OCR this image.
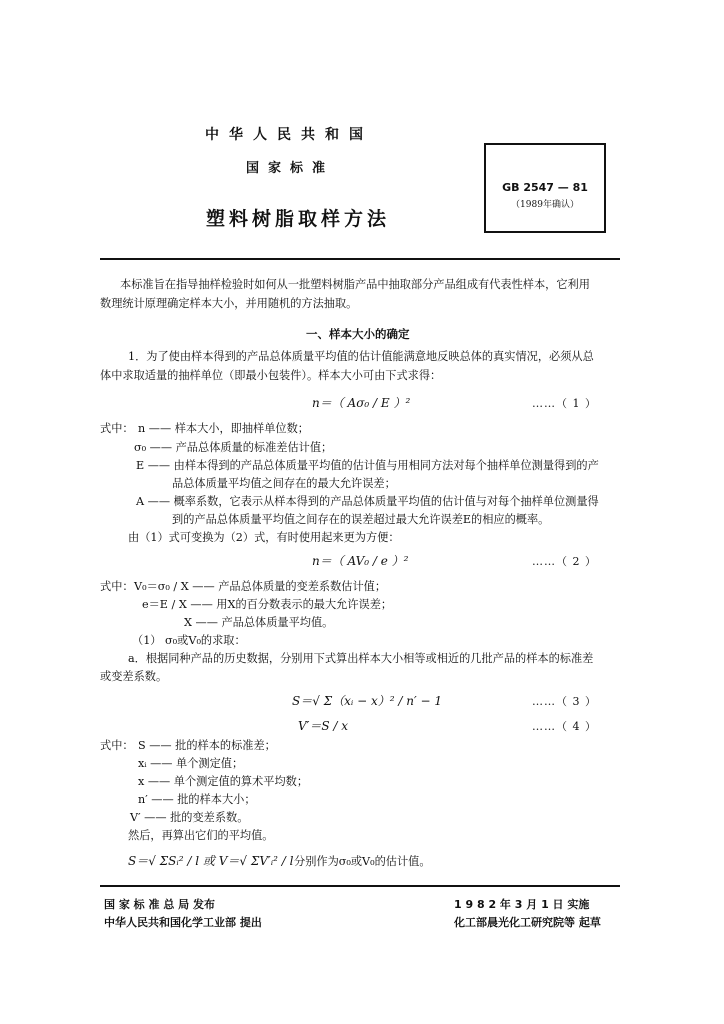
中华人民共和国
国家标准
塑料树脂取样方法
GB 2547 — 81
（1989年确认）
本标准旨在指导抽样检验时如何从一批塑料树脂产品中抽取部分产品组成有代表性样本，它利用
数理统计原理确定样本大小，并用随机的方法抽取。
一、样本大小的确定
1．为了使由样本得到的产品总体质量平均值的估计值能满意地反映总体的真实情况，必须从总
体中求取适量的抽样单位（即最小包装件）。样本大小可由下式求得：
n＝（ Aσ₀ / E ）²	……（ 1 ）
式中： n —— 样本大小，即抽样单位数；
σ₀ —— 产品总体质量的标准差估计值；
E —— 由样本得到的产品总体质量平均值的估计值与用相同方法对每个抽样单位测量得到的产
品总体质量平均值之间存在的最大允许误差；
A —— 概率系数，它表示从样本得到的产品总体质量平均值的估计值与对每个抽样单位测量得
到的产品总体质量平均值之间存在的误差超过最大允许误差E的相应的概率。
由（1）式可变换为（2）式，有时使用起来更为方便：
n＝（ AV₀ / e ）²	……（ 2 ）
式中： V₀＝σ₀ / X —— 产品总体质量的变差系数估计值；
e＝E / X —— 用X的百分数表示的最大允许误差；
X —— 产品总体质量平均值。
（1） σ₀或V₀的求取：
a．根据同种产品的历史数据，分别用下式算出样本大小相等或相近的几批产品的样本的标准差
或变差系数。
S＝√ Σ（xᵢ − x）² / n′ − 1	……（ 3 ）
V′＝S / x	……（ 4 ）
式中： S —— 批的样本的标准差；
xᵢ —— 单个测定值；
x —— 单个测定值的算术平均数；
n′ —— 批的样本大小；
V′ —— 批的变差系数。
然后，再算出它们的平均值。
S＝√ ΣSᵢ² / l 或 V＝√ ΣV′ᵢ² / l 分别作为σ₀或V₀的估计值。
国 家 标 准 总 局 发布
中华人民共和国化学工业部 提出
1 9 8 2 年 3 月 1 日 实施
化工部晨光化工研究院等 起草
